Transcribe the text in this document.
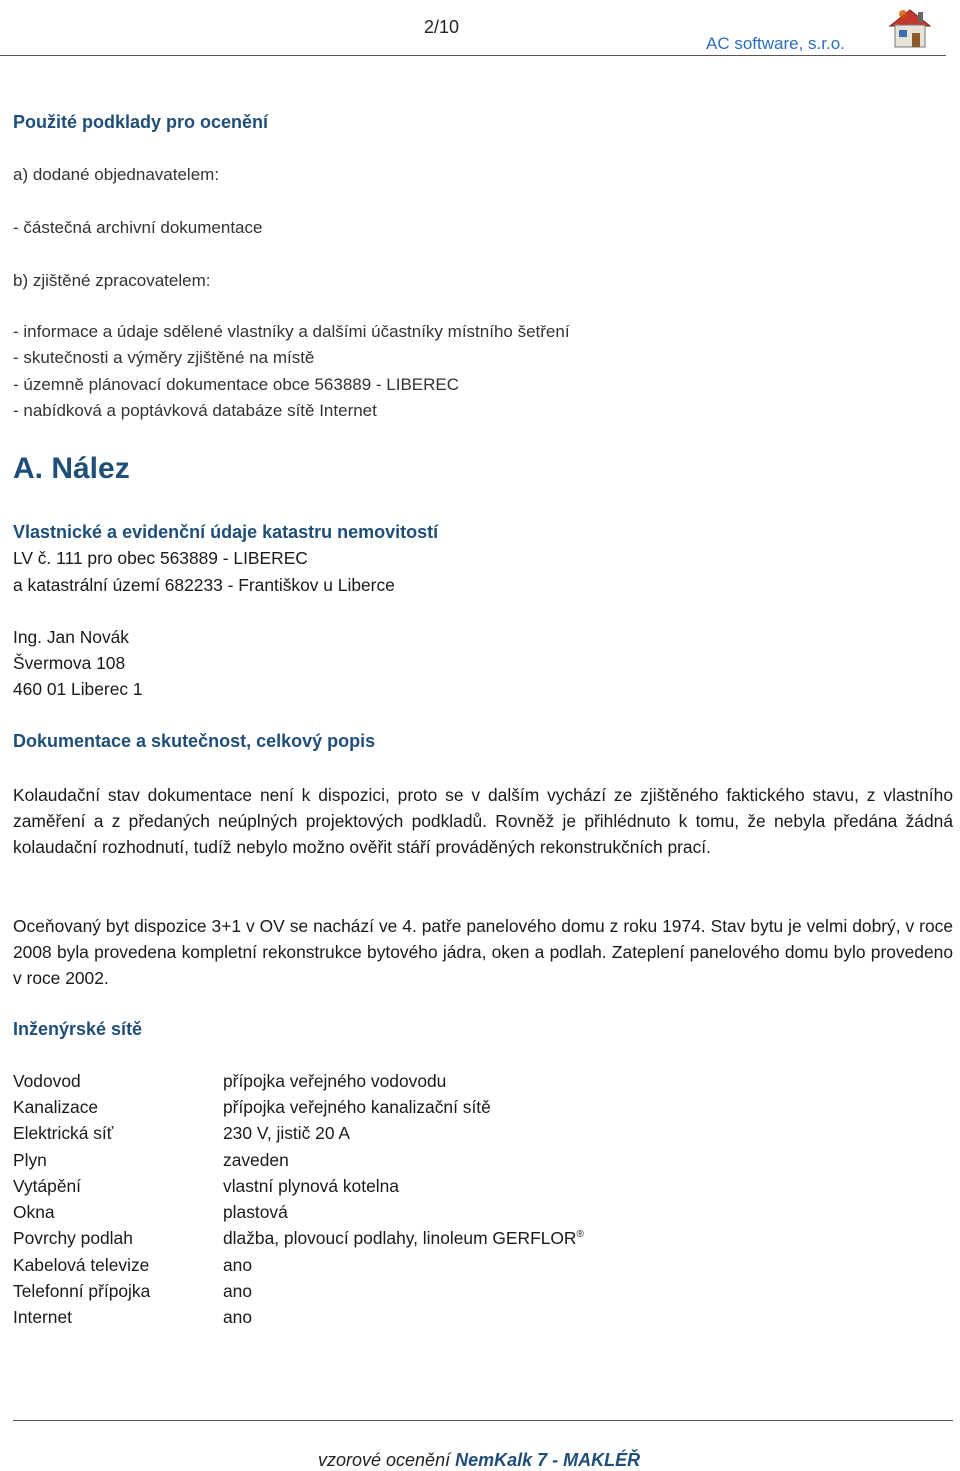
2/10
AC software, s.r.o.
Použité podklady pro ocenění
a) dodané objednavatelem:
- částečná archivní dokumentace
b) zjištěné zpracovatelem:
- informace a údaje sdělené vlastníky a dalšími účastníky místního šetření
- skutečnosti a výměry zjištěné na místě
- územně plánovací dokumentace obce 563889 - LIBEREC
- nabídková a poptávková databáze sítě Internet
A. Nález
Vlastnické a evidenční údaje katastru nemovitostí
LV č. 111 pro obec 563889 - LIBEREC
a katastrální území 682233 - Františkov u Liberce
Ing. Jan Novák
Švermova 108
460 01 Liberec 1
Dokumentace a skutečnost, celkový popis
Kolaudační stav dokumentace není k dispozici, proto se v dalším vychází ze zjištěného faktického stavu, z vlastního zaměření a z předaných neúplných projektových podkladů. Rovněž je přihlédnuto k tomu, že nebyla předána žádná kolaudační rozhodnutí, tudíž nebylo možno ověřit stáří prováděných rekonstrukčních prací.
Oceňovaný byt dispozice 3+1 v OV se nachází ve 4. patře panelového domu z roku 1974. Stav bytu je velmi dobrý, v roce 2008 byla provedena kompletní rekonstrukce bytového jádra, oken a podlah. Zateplení panelového domu bylo provedeno v roce 2002.
Inženýrské sítě
Vodovod	přípojka veřejného vodovodu
Kanalizace	přípojka veřejného kanalizační sítě
Elektrická síť	230 V, jistič 20 A
Plyn	zaveden
Vytápění	vlastní plynová kotelna
Okna	plastová
Povrchy podlah	dlažba, plovoucí podlahy, linoleum GERFLOR®
Kabelová televize	ano
Telefonní přípojka	ano
Internet	ano
vzorové ocenění NemKalk 7 - MAKLÉŘ
